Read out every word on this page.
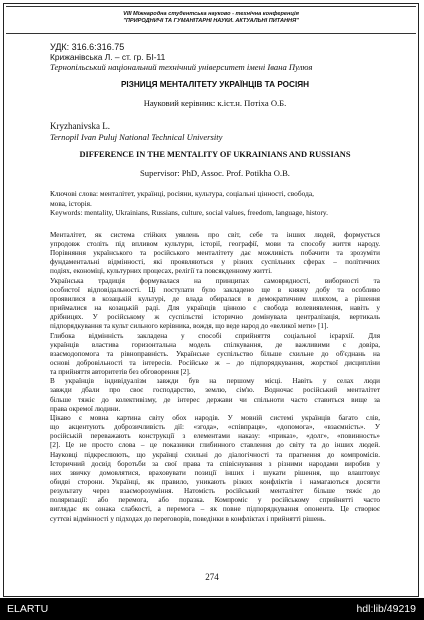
VIII Міжнародна студентська науково - технічна конференція
"ПРИРОДНИЧІ ТА ГУМАНІТАРНІ НАУКИ. АКТУАЛЬНІ ПИТАННЯ"
УДК: 316.6:316.75
Крижанівська Л. – ст. гр. БІ-11
Тернопільський національний технічний університет імені Івана Пулюя
РІЗНИЦЯ МЕНТАЛІТЕТУ УКРАЇНЦІВ ТА РОСІЯН
Науковий керівник: к.іст.н. Потіха О.Б.
Kryzhanivska L.
Ternopil Ivan Puluj National Technical University
DIFFERENCE IN THE MENTALITY OF UKRAINIANS AND RUSSIANS
Supervisor: PhD, Assoc. Prof. Potikha O.B.
Ключові слова: менталітет, українці, росіяни, культура, соціальні цінності, свобода,
мова, історія.
Keywords: mentality, Ukrainians, Russians, culture, social values, freedom, language, history.

Менталітет, як система стійких уявлень про світ, себе та інших людей, формується
упродовж століть під впливом культури, історії, географії, мови та способу життя народу.
Порівняння українського та російського менталітету дає можливість побачити та зрозуміти
фундаментальні відмінності, які проявляються у різних суспільних сферах – політичних
подіях, економіці, культурних процесах, релігії та повсякденному житті.

Українська традиція формувалася на принципах самоврядності, виборності та
особистої відповідальності. Ці постулати було закладено ще в княжу добу та особливо
проявилися в козацькій культурі, де влада обиралася в демократичним шляхом, а рішення
приймалися на козацькій раді. Для українців цінною є свобода волевиявлення, навіть у
дрібницях. У російському ж суспільстві історично домінувала централізація, вертикаль
підпорядкування та культ сильного керівника, вождя, що веде народ до «великої мети» [1].

Глибока відмінність закладена у способі сприйняття соціальної ієрархії. Для
українців властива горизонтальна модель спілкування, де важливими є довіра,
взаємодопомога та рівноправність. Українське суспільство більше схильне до об'єднань на
основі добровільності та інтересів. Російське ж – до підпорядкування, жорсткої дисципліни
та прийняття авторитетів без обговорення [2].

В українців індивідуалізм завжди був на першому місці. Навіть у селах люди
завжди дбали про своє господарство, землю, сім'ю. Водночас російський менталітет
більше тяжіє до колективізму, де інтерес держави чи спільноти часто ставиться вище за
права окремої людини.

Цікаво є мовна картина світу обох народів. У мовній системі українців багато слів,
що акцентують доброзичливість дії: «згода», «співпраця», «допомога», «взаємність». У
російській переважають конструкції з елементами наказу: «приказ», «долг», «повинность»
[2]. Це не просто слова – це показники глибинного ставлення до світу та до інших людей.
Науковці підкреслюють, що українці схильні до діалогічності та прагнення до компромісів.
Історичний досвід боротьби за свої права та співіснування з різними народами виробив у
них звичку домовлятися, враховувати позиції інших і шукати рішення, що влаштовує
обидві сторони. Українці, як правило, уникають різких конфліктів і намагаються досягти
результату через взаєморозуміння. Натомість російський менталітет більше тяжіє до
поляризації: або перемога, або поразка. Компроміс у російському сприйнятті часто
виглядає як ознака слабкості, а перемога – як повне підпорядкування опонента. Це створює
суттєві відмінності у підходах до переговорів, поведінки в конфліктах і прийнятті рішень.

274
ELARTU	hdl:lib/49219
